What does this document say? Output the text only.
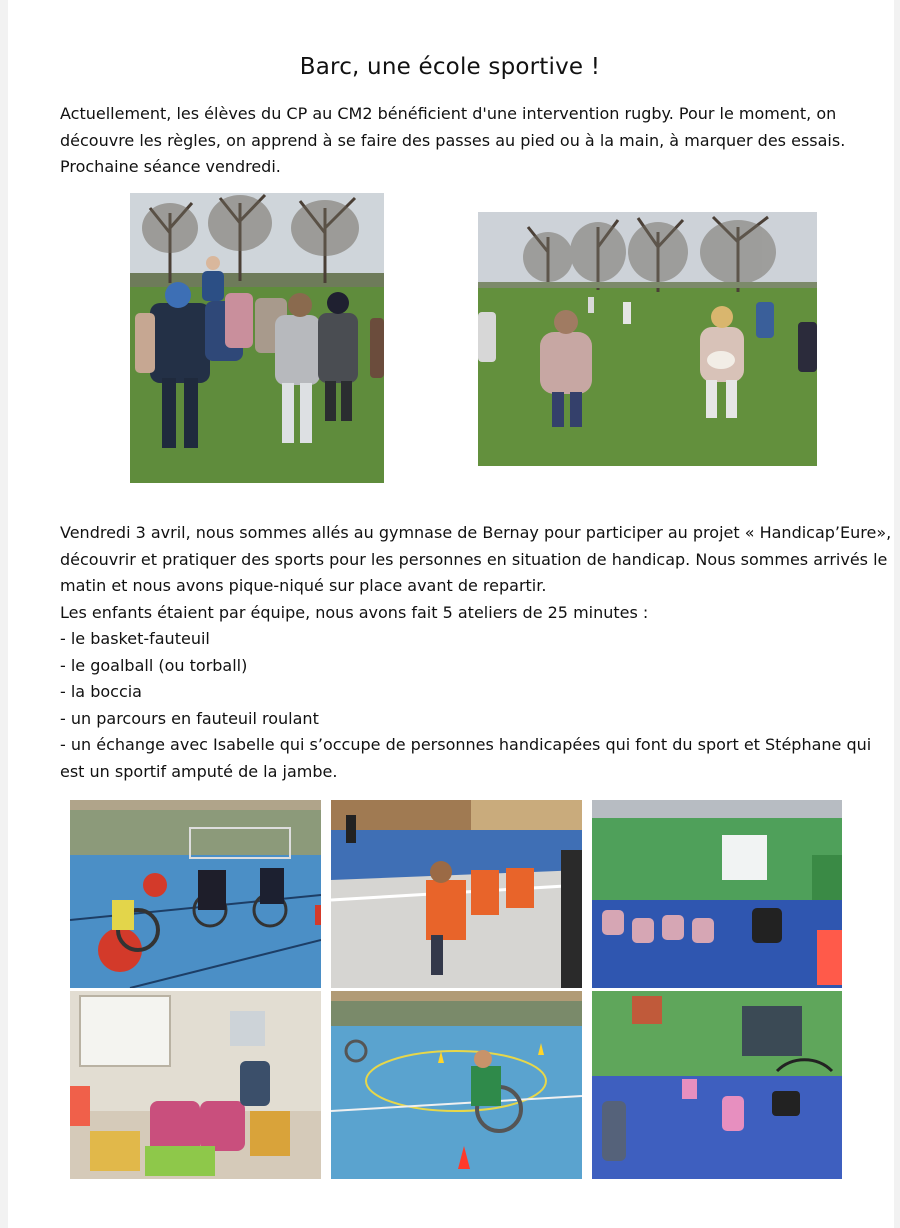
Barc, une école sportive !
Actuellement, les élèves du CP au CM2 bénéficient d'une intervention rugby. Pour le moment, on
découvre les règles, on apprend à se faire des passes au pied ou à la main, à marquer des essais.
Prochaine séance vendredi.
Vendredi 3 avril, nous sommes allés au gymnase de Bernay pour participer au projet « Handicap’Eure»,
découvrir et pratiquer des sports pour les personnes en situation de handicap. Nous sommes arrivés le
matin et nous avons pique-niqué sur place avant de repartir.
Les enfants étaient par équipe, nous avons fait 5 ateliers de 25 minutes :
- le basket-fauteuil
- le goalball (ou torball)
- la boccia
- un parcours en fauteuil roulant
- un échange avec Isabelle qui s’occupe de personnes handicapées qui font du sport et Stéphane qui
est un sportif amputé de la jambe.
